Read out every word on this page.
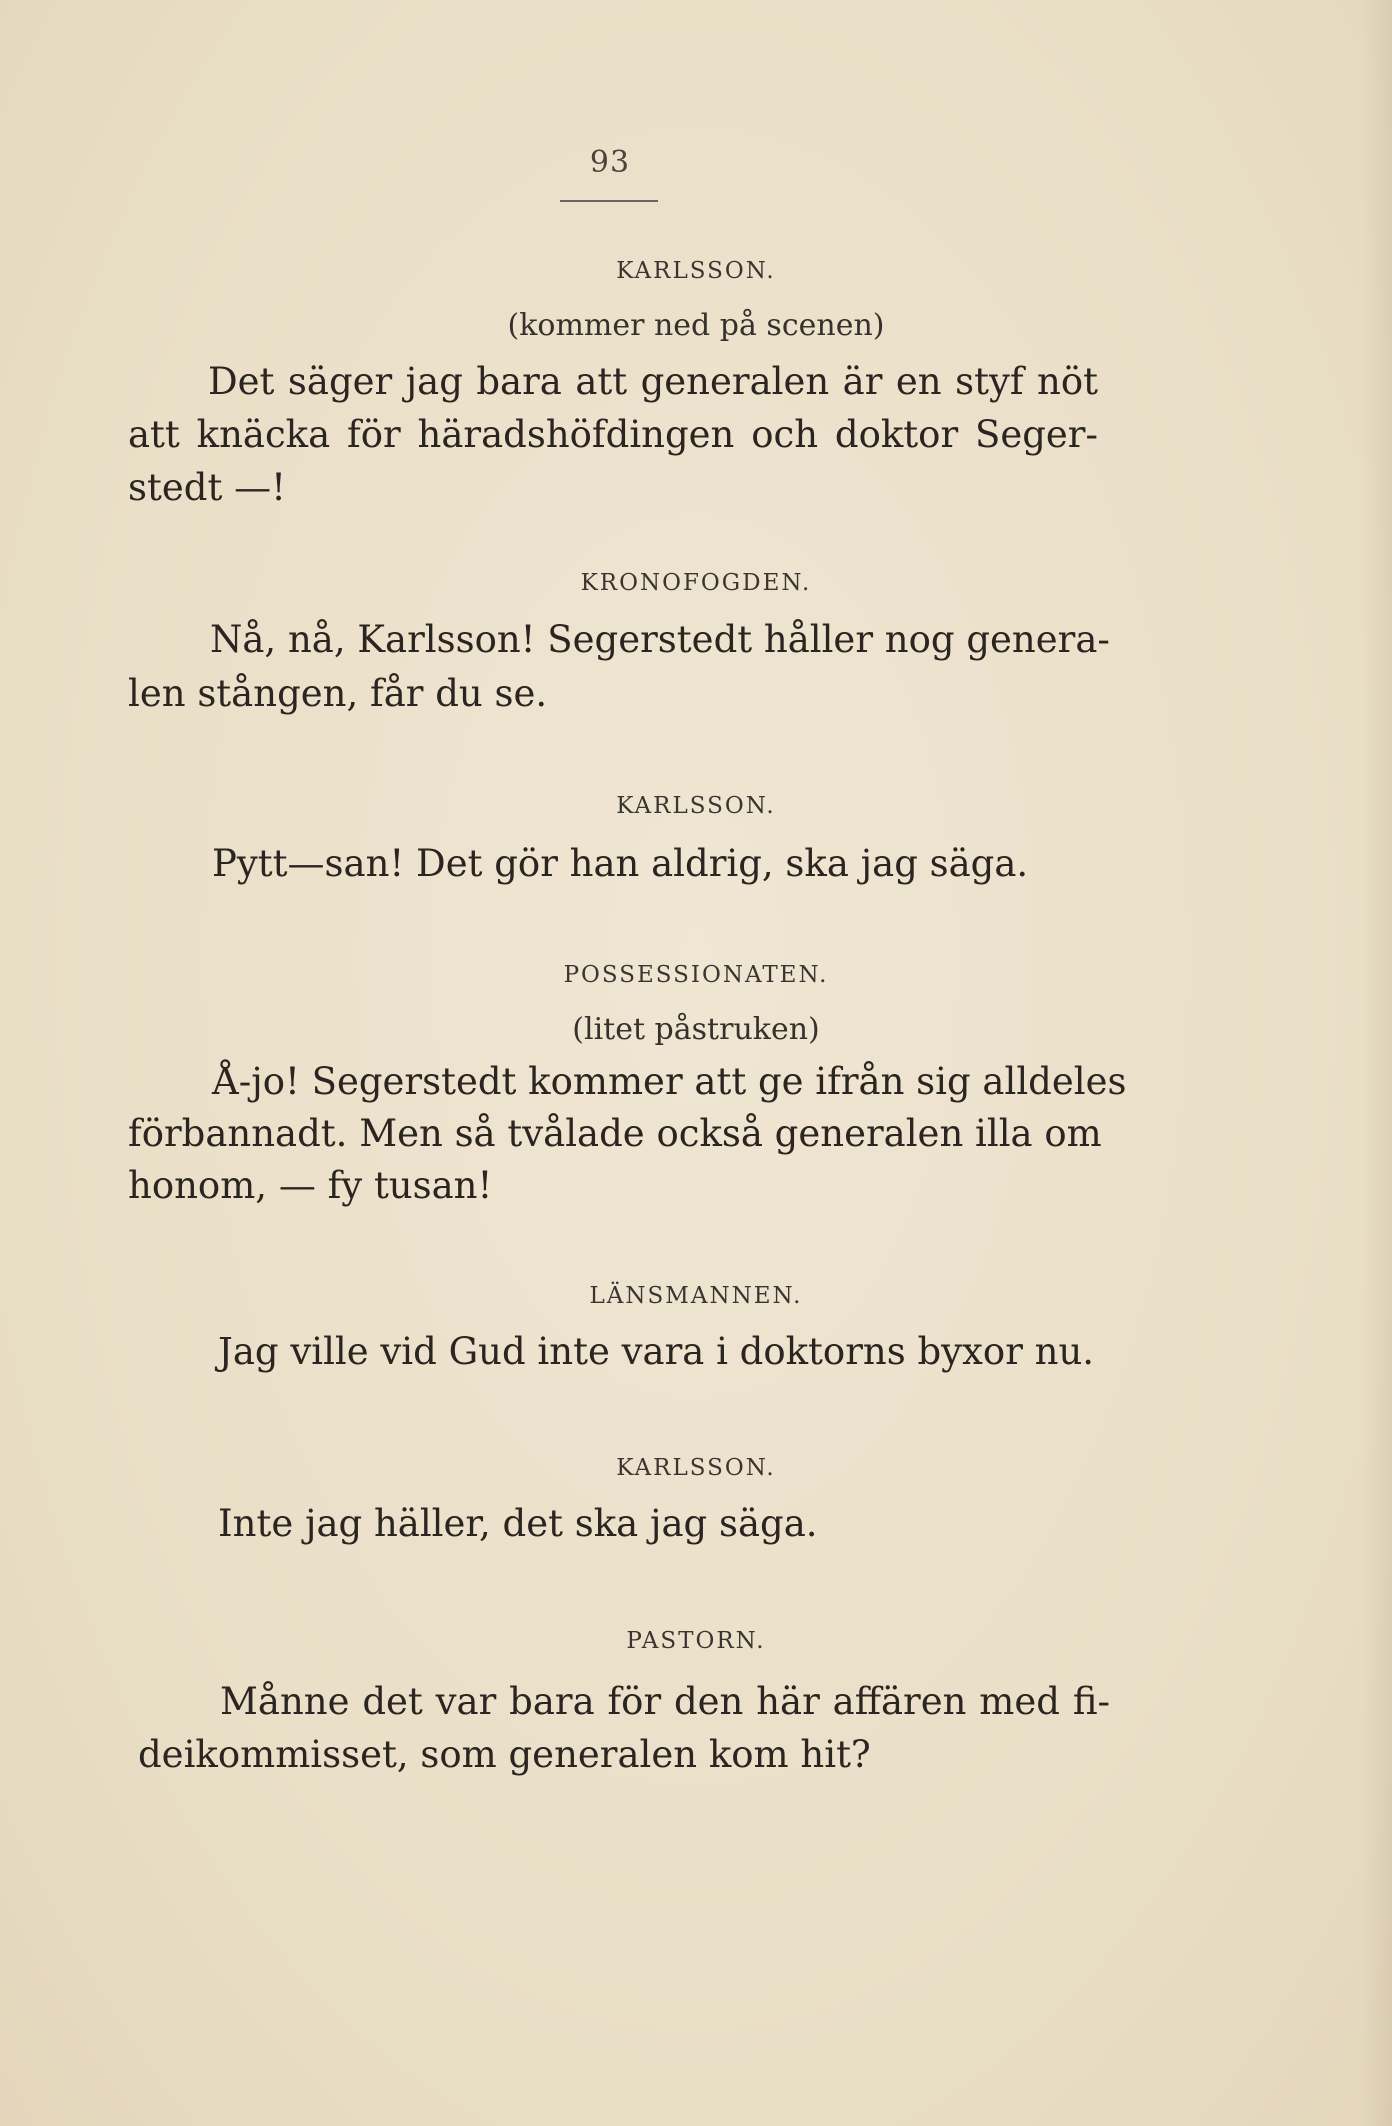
93
KARLSSON.
(kommer ned på scenen)
Det säger jag bara att generalen är en styf nöt
att knäcka för häradshöfdingen och doktor Seger-
stedt —!
KRONOFOGDEN.
Nå, nå, Karlsson! Segerstedt håller nog genera-
len stången, får du se.
KARLSSON.
Pytt—san! Det gör han aldrig, ska jag säga.
POSSESSIONATEN.
(litet påstruken)
Å-jo! Segerstedt kommer att ge ifrån sig alldeles
förbannadt. Men så tvålade också generalen illa om
honom, — fy tusan!
LÄNSMANNEN.
Jag ville vid Gud inte vara i doktorns byxor nu.
KARLSSON.
Inte jag häller, det ska jag säga.
PASTORN.
Månne det var bara för den här affären med fi-
deikommisset, som generalen kom hit?
